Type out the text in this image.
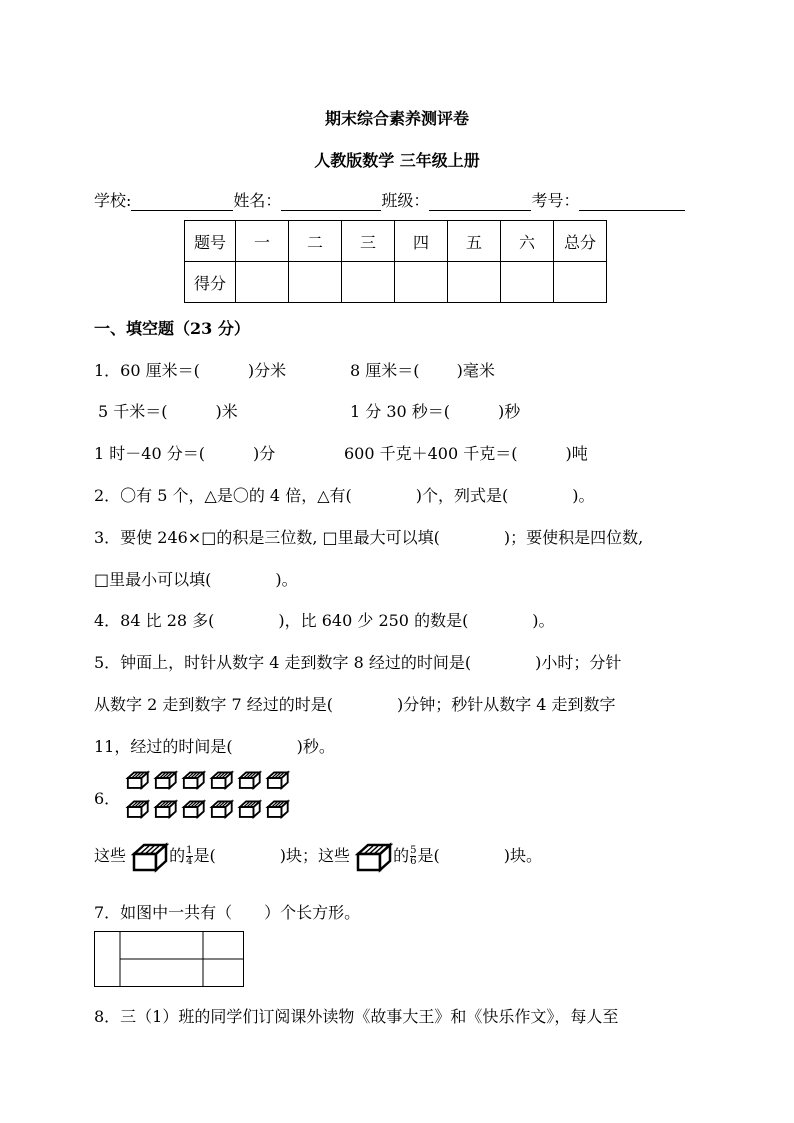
期末综合素养测评卷
人教版数学 三年级上册
学校:	姓名：	班级：	考号：
题号	一	二	三	四	五	六	总分
得分							
一、填空题（23 分）
1．60 厘米＝(　　　)分米	8 厘米＝(　　 )毫米
5 千米＝(　　　)米	1 分 30 秒＝(　　　)秒
1 时－40 分＝(　　　)分	600 千克＋400 千克＝(　　　)吨
2．〇有 5 个，△是〇的 4 倍，△有(　　　　)个，列式是(　　　　)。
3．要使 246×□的积是三位数, □里最大可以填(　　　　)；要使积是四位数,
□里最小可以填(　　　　)。
4．84 比 28 多(　　　　)，比 640 少 250 的数是(　　　　)。
5．钟面上，时针从数字 4 走到数字 8 经过的时间是(　　　　)小时；分针
从数字 2 走到数字 7 经过的时是(　　　　)分钟；秒针从数字 4 走到数字
11，经过的时间是(　　　　)秒。
6．
这些	的 $\frac{1}{4}$ 是(　　　　)块；这些	的 $\frac{5}{6}$ 是(　　　　)块。
7．如图中一共有（　　）个长方形。
8．三（1）班的同学们订阅课外读物《故事大王》和《快乐作文》，每人至
